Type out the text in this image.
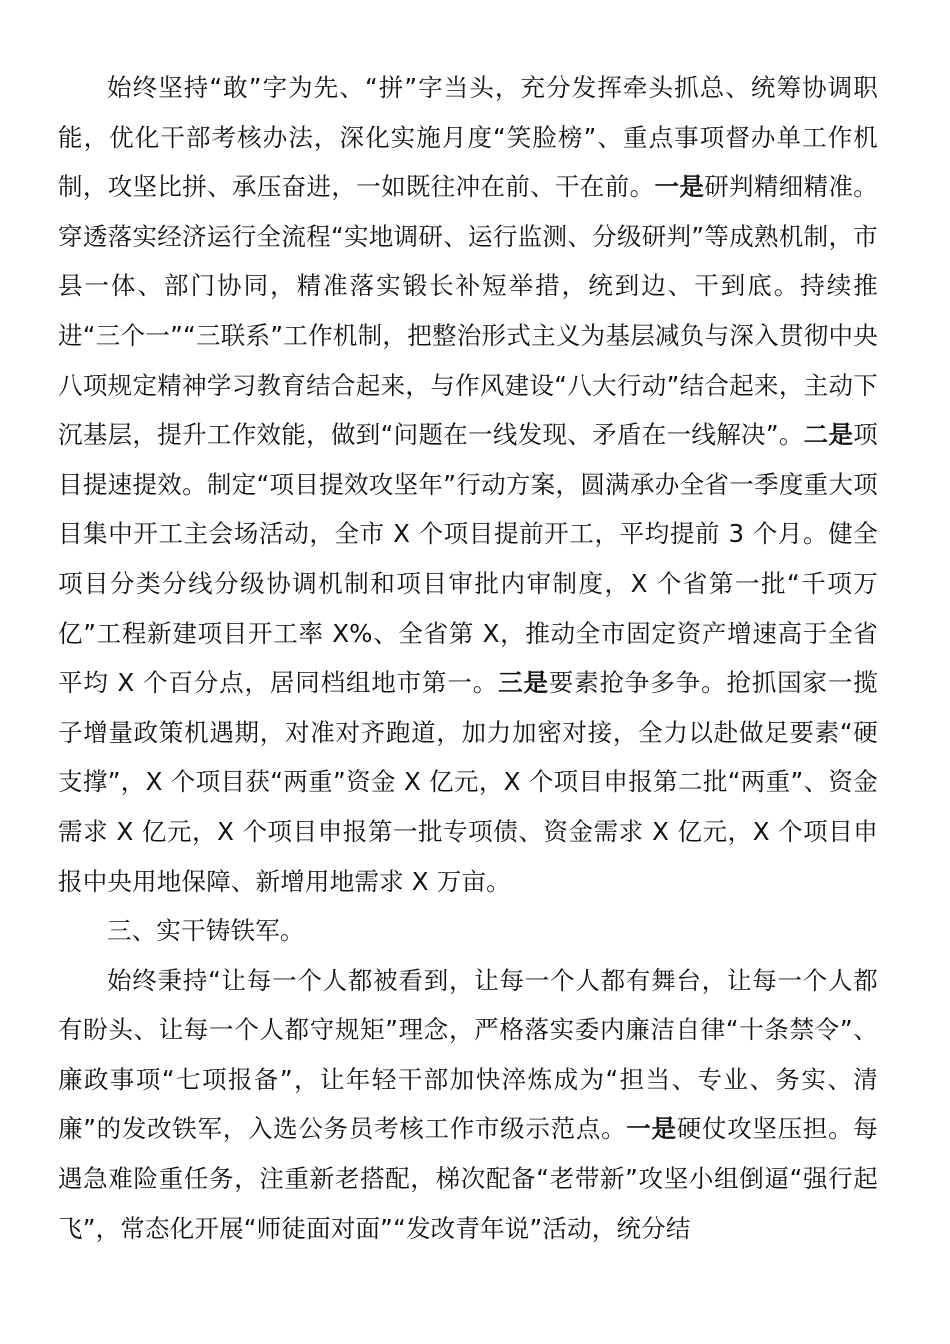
始终坚持“敢”字为先、“拼”字当头，充分发挥牵头抓总、统筹协调职能，优化干部考核办法，深化实施月度“笑脸榜”、重点事项督办单工作机制，攻坚比拼、承压奋进，一如既往冲在前、干在前。一是研判精细精准。穿透落实经济运行全流程“实地调研、运行监测、分级研判”等成熟机制，市县一体、部门协同，精准落实锻长补短举措，统到边、干到底。持续推进“三个一”“三联系”工作机制，把整治形式主义为基层减负与深入贯彻中央八项规定精神学习教育结合起来，与作风建设“八大行动”结合起来，主动下沉基层，提升工作效能，做到“问题在一线发现、矛盾在一线解决”。二是项目提速提效。制定“项目提效攻坚年”行动方案，圆满承办全省一季度重大项目集中开工主会场活动，全市 X 个项目提前开工，平均提前 3 个月。健全项目分类分线分级协调机制和项目审批内审制度，X 个省第一批“千项万亿”工程新建项目开工率 X%、全省第 X，推动全市固定资产增速高于全省平均 X 个百分点，居同档组地市第一。三是要素抢争多争。抢抓国家一揽子增量政策机遇期，对准对齐跑道，加力加密对接，全力以赴做足要素“硬支撑”，X 个项目获“两重”资金 X 亿元，X 个项目申报第二批“两重”、资金需求 X 亿元，X 个项目申报第一批专项债、资金需求 X 亿元，X 个项目申报中央用地保障、新增用地需求 X 万亩。

三、实干铸铁军。

始终秉持“让每一个人都被看到，让每一个人都有舞台，让每一个人都有盼头、让每一个人都守规矩”理念，严格落实委内廉洁自律“十条禁令”、廉政事项“七项报备”，让年轻干部加快淬炼成为“担当、专业、务实、清廉”的发改铁军，入选公务员考核工作市级示范点。一是硬仗攻坚压担。每遇急难险重任务，注重新老搭配，梯次配备“老带新”攻坚小组倒逼“强行起飞”，常态化开展“师徒面对面”“发改青年说”活动，统分结
